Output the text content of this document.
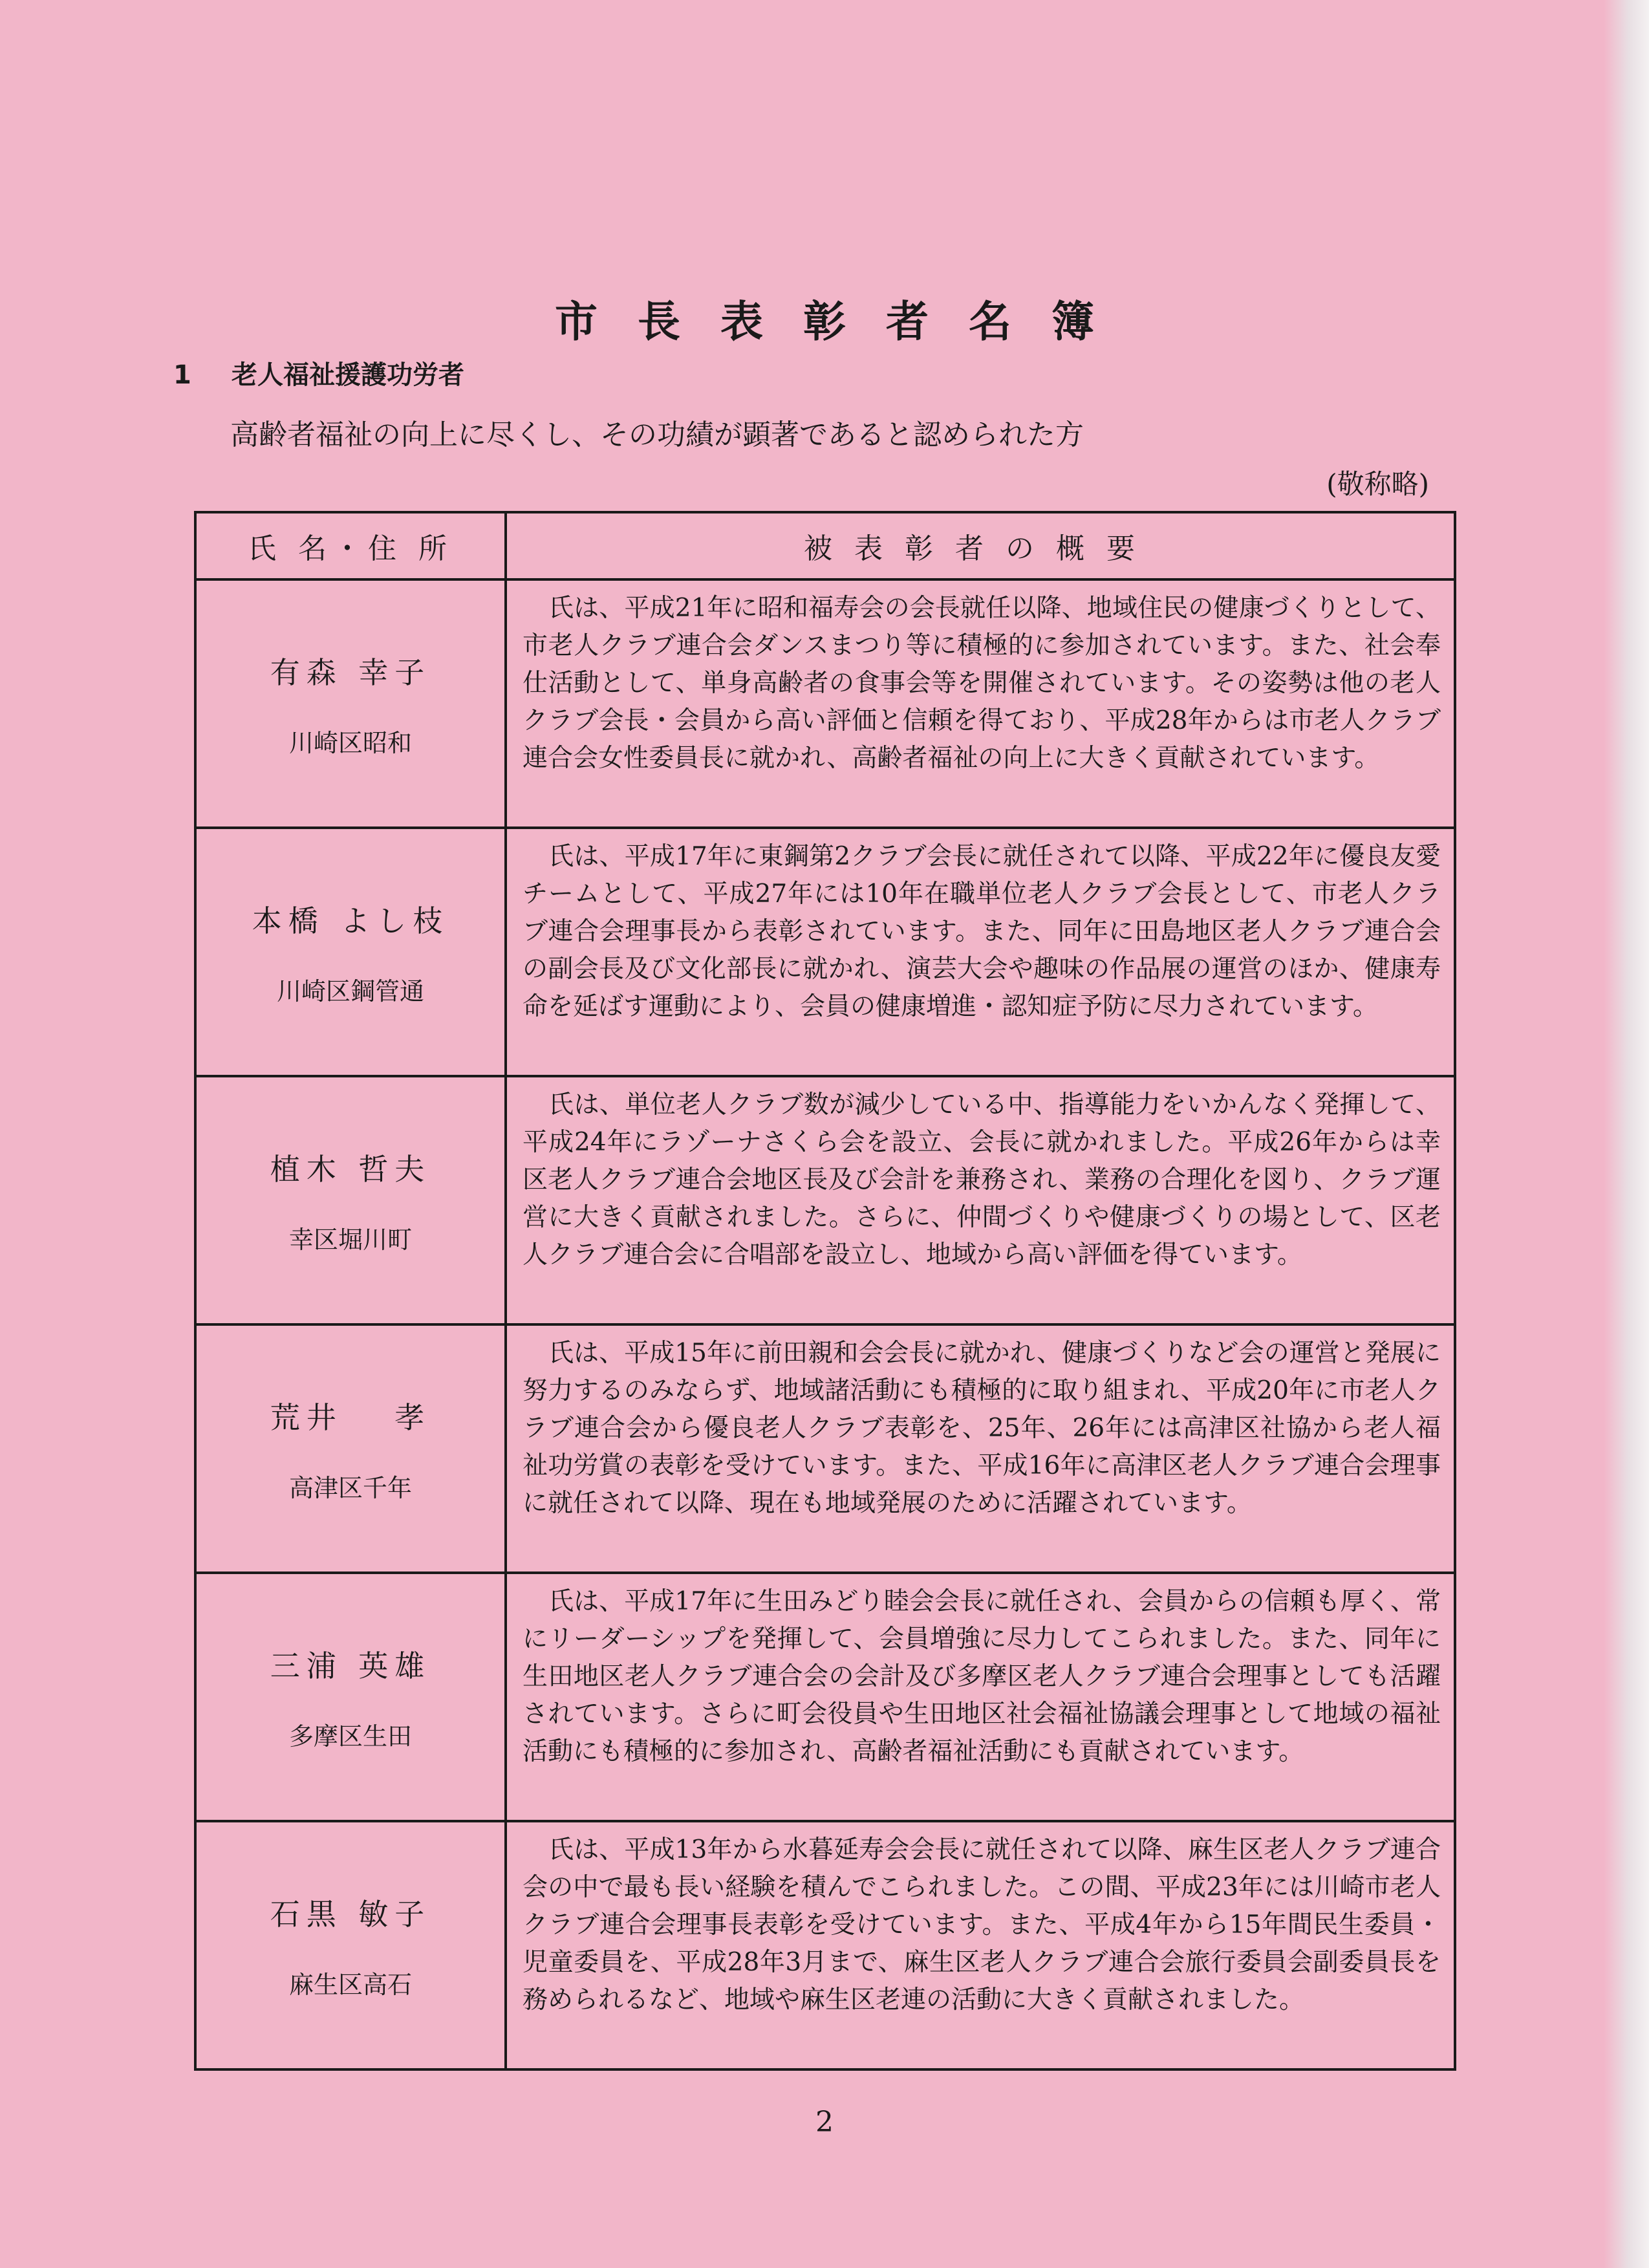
市長表彰者名簿
1 老人福祉援護功労者
高齢者福祉の向上に尽くし、その功績が顕著であると認められた方
(敬称略)
氏 名・住 所	被表彰者の概要

有森 幸子
川崎区昭和	氏は、平成21年に昭和福寿会の会長就任以降、地域住民の健康づくりとして、市老人クラブ連合会ダンスまつり等に積極的に参加されています。また、社会奉仕活動として、単身高齢者の食事会等を開催されています。その姿勢は他の老人クラブ会長・会員から高い評価と信頼を得ており、平成28年からは市老人クラブ連合会女性委員長に就かれ、高齢者福祉の向上に大きく貢献されています。

本橋 よし枝
川崎区鋼管通	氏は、平成17年に東鋼第2クラブ会長に就任されて以降、平成22年に優良友愛チームとして、平成27年には10年在職単位老人クラブ会長として、市老人クラブ連合会理事長から表彰されています。また、同年に田島地区老人クラブ連合会の副会長及び文化部長に就かれ、演芸大会や趣味の作品展の運営のほか、健康寿命を延ばす運動により、会員の健康増進・認知症予防に尽力されています。

植木 哲夫
幸区堀川町	氏は、単位老人クラブ数が減少している中、指導能力をいかんなく発揮して、平成24年にラゾーナさくら会を設立、会長に就かれました。平成26年からは幸区老人クラブ連合会地区長及び会計を兼務され、業務の合理化を図り、クラブ運営に大きく貢献されました。さらに、仲間づくりや健康づくりの場として、区老人クラブ連合会に合唱部を設立し、地域から高い評価を得ています。

荒井 　孝
高津区千年	氏は、平成15年に前田親和会会長に就かれ、健康づくりなど会の運営と発展に努力するのみならず、地域諸活動にも積極的に取り組まれ、平成20年に市老人クラブ連合会から優良老人クラブ表彰を、25年、26年には高津区社協から老人福祉功労賞の表彰を受けています。また、平成16年に高津区老人クラブ連合会理事に就任されて以降、現在も地域発展のために活躍されています。

三浦 英雄
多摩区生田	氏は、平成17年に生田みどり睦会会長に就任され、会員からの信頼も厚く、常にリーダーシップを発揮して、会員増強に尽力してこられました。また、同年に生田地区老人クラブ連合会の会計及び多摩区老人クラブ連合会理事としても活躍されています。さらに町会役員や生田地区社会福祉協議会理事として地域の福祉活動にも積極的に参加され、高齢者福祉活動にも貢献されています。

石黒 敏子
麻生区高石	氏は、平成13年から水暮延寿会会長に就任されて以降、麻生区老人クラブ連合会の中で最も長い経験を積んでこられました。この間、平成23年には川崎市老人クラブ連合会理事長表彰を受けています。また、平成4年から15年間民生委員・児童委員を、平成28年3月まで、麻生区老人クラブ連合会旅行委員会副委員長を務められるなど、地域や麻生区老連の活動に大きく貢献されました。
2
